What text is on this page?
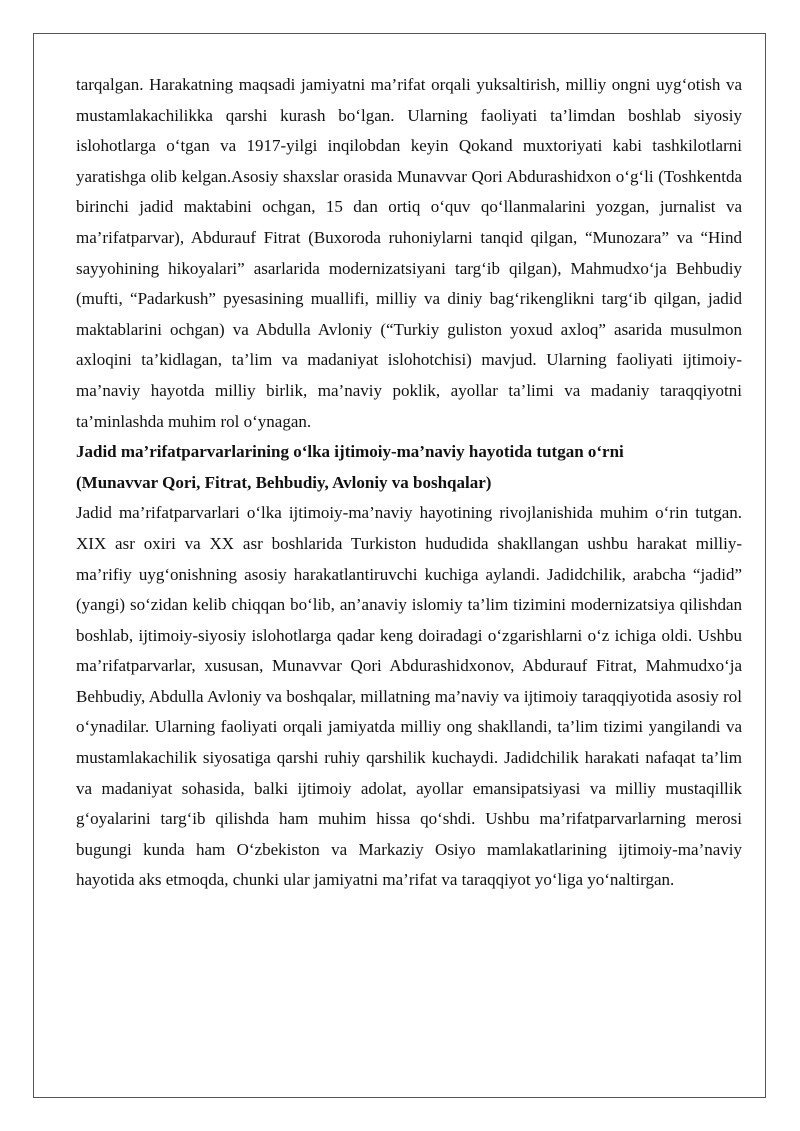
tarqalgan. Harakatning maqsadi jamiyatni ma’rifat orqali yuksaltirish, milliy ongni uyg‘otish va mustamlakachilikka qarshi kurash bo‘lgan. Ularning faoliyati ta’limdan boshlab siyosiy islohotlarga o‘tgan va 1917-yilgi inqilobdan keyin Qokand muxtoriyati kabi tashkilotlarni yaratishga olib kelgan.Asosiy shaxslar orasida Munavvar Qori Abdurashidxon o‘g‘li (Toshkentda birinchi jadid maktabini ochgan, 15 dan ortiq o‘quv qo‘llanmalarini yozgan, jurnalist va ma’rifatparvar), Abdurauf Fitrat (Buxoroda ruhoniylarni tanqid qilgan, “Munozara” va “Hind sayyohining hikoyalari” asarlarida modernizatsiyani targ‘ib qilgan), Mahmudxo‘ja Behbudiy (mufti, “Padarkush” pyesasining muallifi, milliy va diniy bag‘rikenglikni targ‘ib qilgan, jadid maktablarini ochgan) va Abdulla Avloniy (“Turkiy guliston yoxud axloq” asarida musulmon axloqini ta’kidlagan, ta’lim va madaniyat islohotchisi) mavjud. Ularning faoliyati ijtimoiy-ma’naviy hayotda milliy birlik, ma’naviy poklik, ayollar ta’limi va madaniy taraqqiyotni ta’minlashda muhim rol o‘ynagan.

Jadid ma’rifatparvarlarining o‘lka ijtimoiy-ma’naviy hayotida tutgan o‘rni

(Munavvar Qori, Fitrat, Behbudiy, Avloniy va boshqalar)

Jadid ma’rifatparvarlari o‘lka ijtimoiy-ma’naviy hayotining rivojlanishida muhim o‘rin tutgan. XIX asr oxiri va XX asr boshlarida Turkiston hududida shakllangan ushbu harakat milliy-ma’rifiy uyg‘onishning asosiy harakatlantiruvchi kuchiga aylandi. Jadidchilik, arabcha “jadid” (yangi) so‘zidan kelib chiqqan bo‘lib, an’anaviy islomiy ta’lim tizimini modernizatsiya qilishdan boshlab, ijtimoiy-siyosiy islohotlarga qadar keng doiradagi o‘zgarishlarni o‘z ichiga oldi. Ushbu ma’rifatparvarlar, xususan, Munavvar Qori Abdurashidxonov, Abdurauf Fitrat, Mahmudxo‘ja Behbudiy, Abdulla Avloniy va boshqalar, millatning ma’naviy va ijtimoiy taraqqiyotida asosiy rol o‘ynadilar. Ularning faoliyati orqali jamiyatda milliy ong shakllandi, ta’lim tizimi yangilandi va mustamlakachilik siyosatiga qarshi ruhiy qarshilik kuchaydi. Jadidchilik harakati nafaqat ta’lim va madaniyat sohasida, balki ijtimoiy adolat, ayollar emansipatsiyasi va milliy mustaqillik g‘oyalarini targ‘ib qilishda ham muhim hissa qo‘shdi. Ushbu ma’rifatparvarlarning merosi bugungi kunda ham O‘zbekiston va Markaziy Osiyo mamlakatlarining ijtimoiy-ma’naviy hayotida aks etmoqda, chunki ular jamiyatni ma’rifat va taraqqiyot yo‘liga yo‘naltirgan.
